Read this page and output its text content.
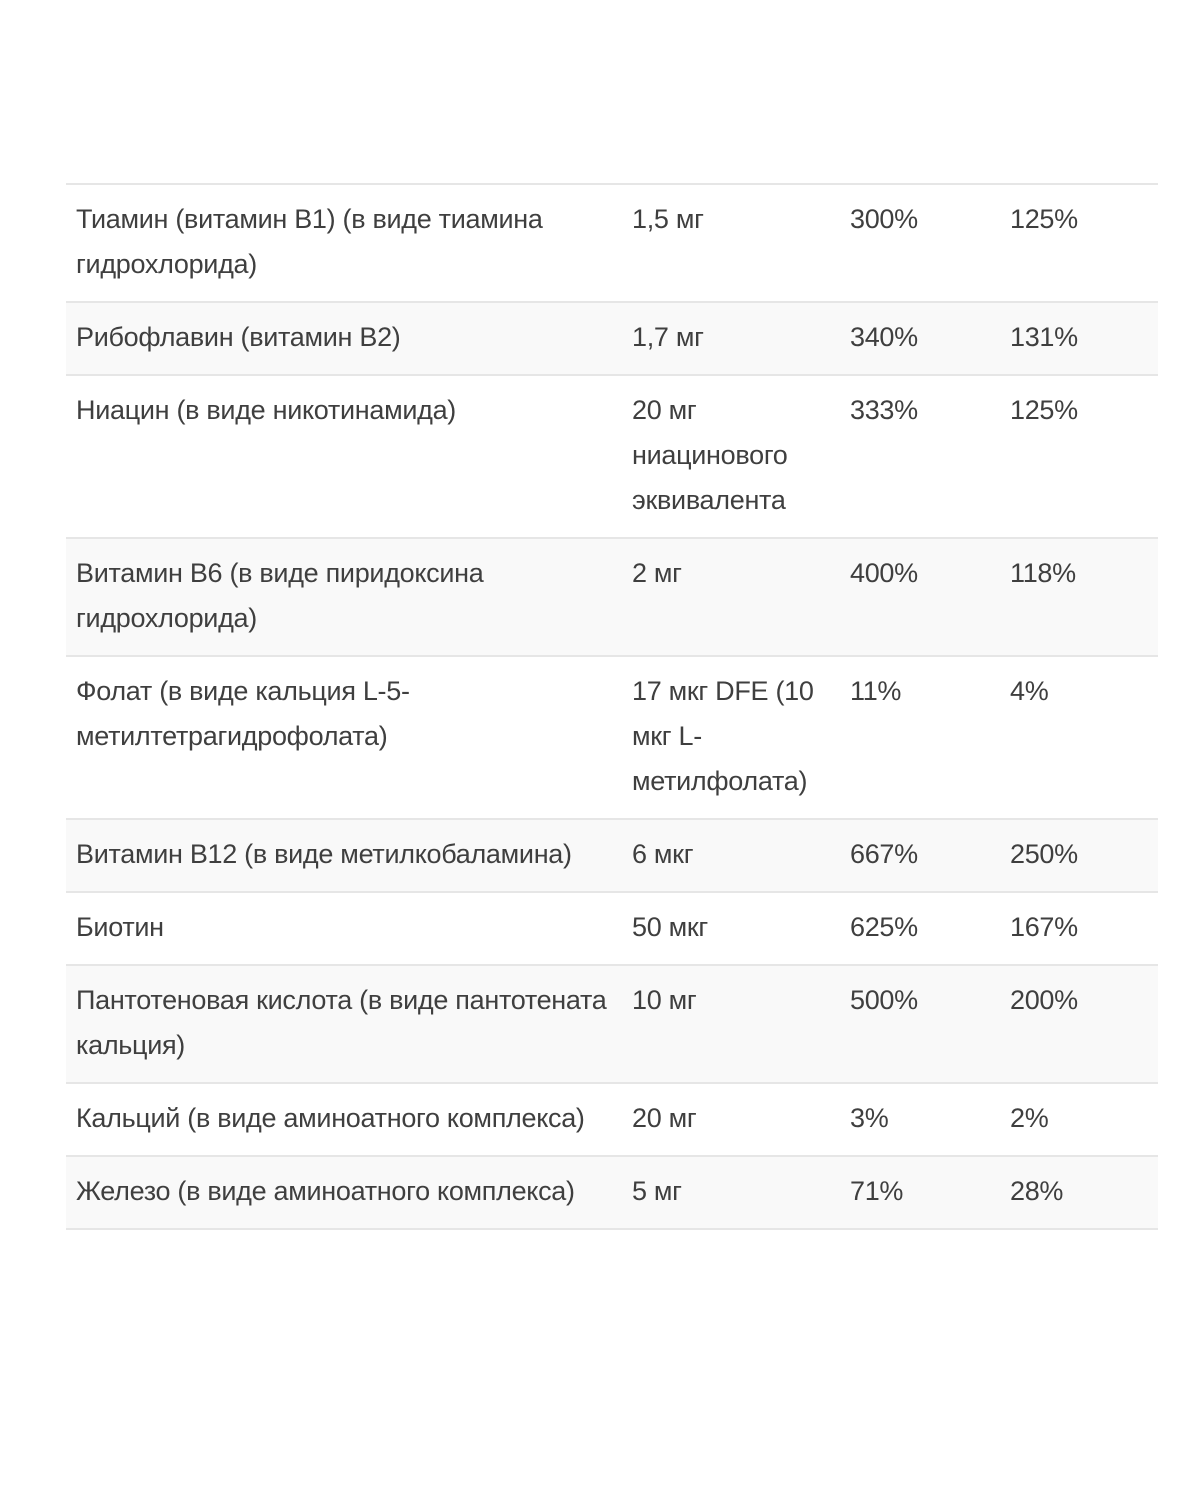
Тиамин (витамин В1) (в виде тиамина гидрохлорида)	1,5 мг	300%	125%
Рибофлавин (витамин В2)	1,7 мг	340%	131%
Ниацин (в виде никотинамида)	20 мг ниацинового эквивалента	333%	125%
Витамин B6 (в виде пиридоксина гидрохлорида)	2 мг	400%	118%
Фолат (в виде кальция L-5-метилтетрагидрофолата)	17 мкг DFE (10 мкг L-метилфолата)	11%	4%
Витамин B12 (в виде метилкобаламина)	6 мкг	667%	250%
Биотин	50 мкг	625%	167%
Пантотеновая кислота (в виде пантотената кальция)	10 мг	500%	200%
Кальций (в виде аминоатного комплекса)	20 мг	3%	2%
Железо (в виде аминоатного комплекса)	5 мг	71%	28%
